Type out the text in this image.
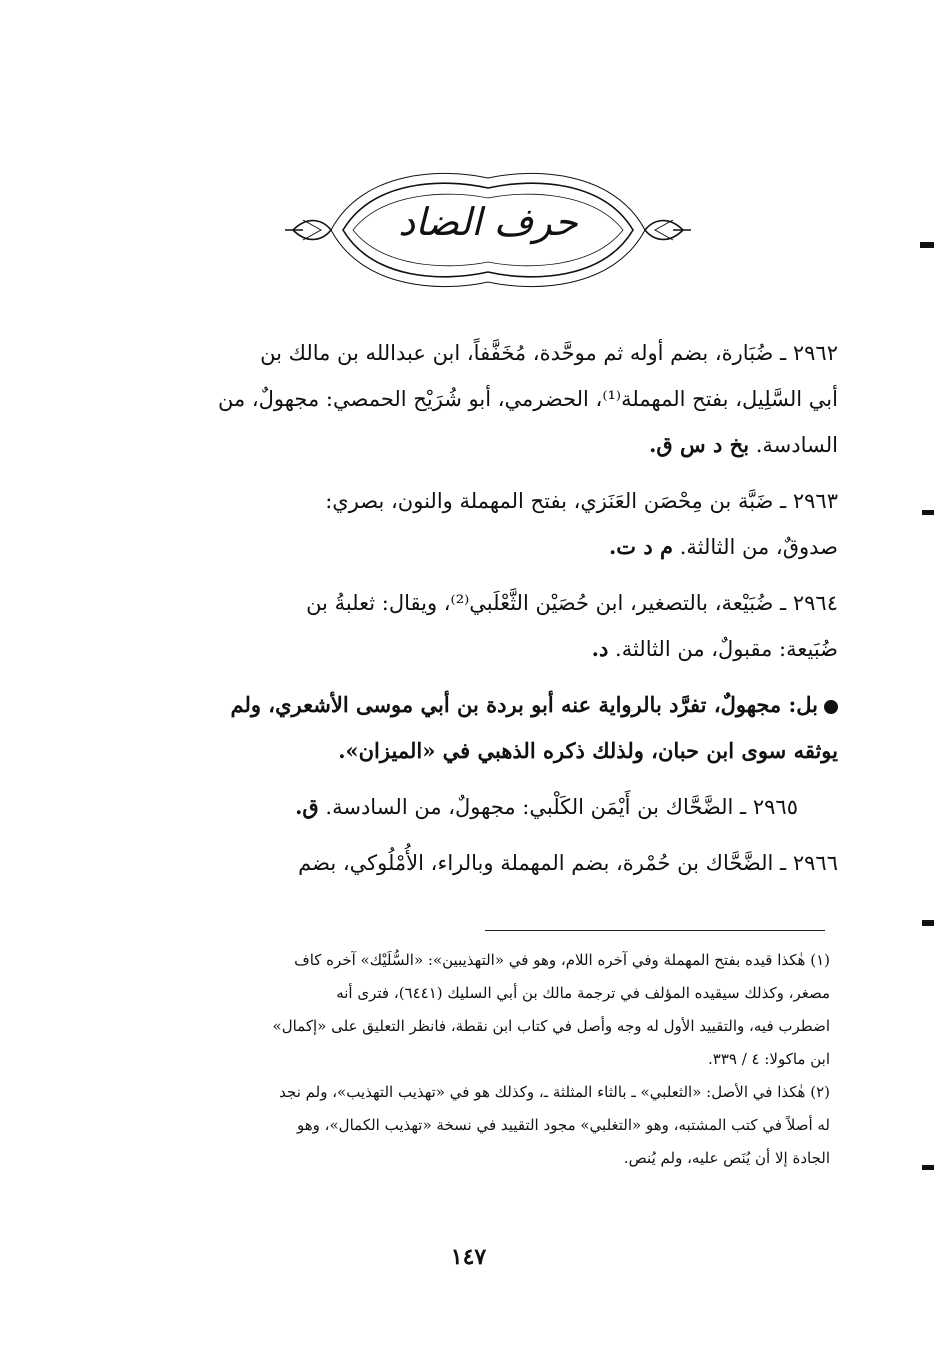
حرف الضاد
٢٩٦٢ ـ ضُبَارة، بضم أوله ثم موحَّدة، مُخَفَّفاً، ابن عبدالله بن مالك بن
أبي السَّلِيل، بفتح المهملة⁽¹⁾، الحضرمي، أبو شُرَيْح الحمصي: مجهولٌ، من
السادسة. بخ د س ق.
٢٩٦٣ ـ ضَبَّة بن مِحْصَن العَنَزي، بفتح المهملة والنون، بصري:
صدوقٌ، من الثالثة. م د ت.
٢٩٦٤ ـ ضُبَيْعة، بالتصغير، ابن حُصَيْن الثَّعْلَبي⁽²⁾، ويقال: ثعلبةُ بن
ضُبَيعة: مقبولٌ، من الثالثة. د.
بل: مجهولٌ، تفرَّد بالرواية عنه أبو بردة بن أبي موسى الأشعري، ولم
يوثقه سوى ابن حبان، ولذلك ذكره الذهبي في «الميزان».
٢٩٦٥ ـ الضَّحَّاك بن أَيْمَن الكَلْبي: مجهولٌ، من السادسة. ق.
٢٩٦٦ ـ الضَّحَّاك بن حُمْرة، بضم المهملة وبالراء، الأُمْلُوكي، بضم
(١) هٰكذا قيده بفتح المهملة وفي آخره اللام، وهو في «التهذيبين»: «السُّلَيْك» آخره كاف
مصغر، وكذلك سيقيده المؤلف في ترجمة مالك بن أبي السليك (٦٤٤١)، فترى أنه
اضطرب فيه، والتقييد الأول له وجه وأصل في كتاب ابن نقطة، فانظر التعليق على «إكمال»
ابن ماكولا: ٤ / ٣٣٩.
(٢) هٰكذا في الأصل: «الثعلبي» ـ بالثاء المثلثة ـ، وكذلك هو في «تهذيب التهذيب»، ولم نجد
له أصلاً في كتب المشتبه، وهو «التغلبي» مجود التقييد في نسخة «تهذيب الكمال»، وهو
الجادة إلا أن يُنَص عليه، ولم يُنص.
١٤٧
